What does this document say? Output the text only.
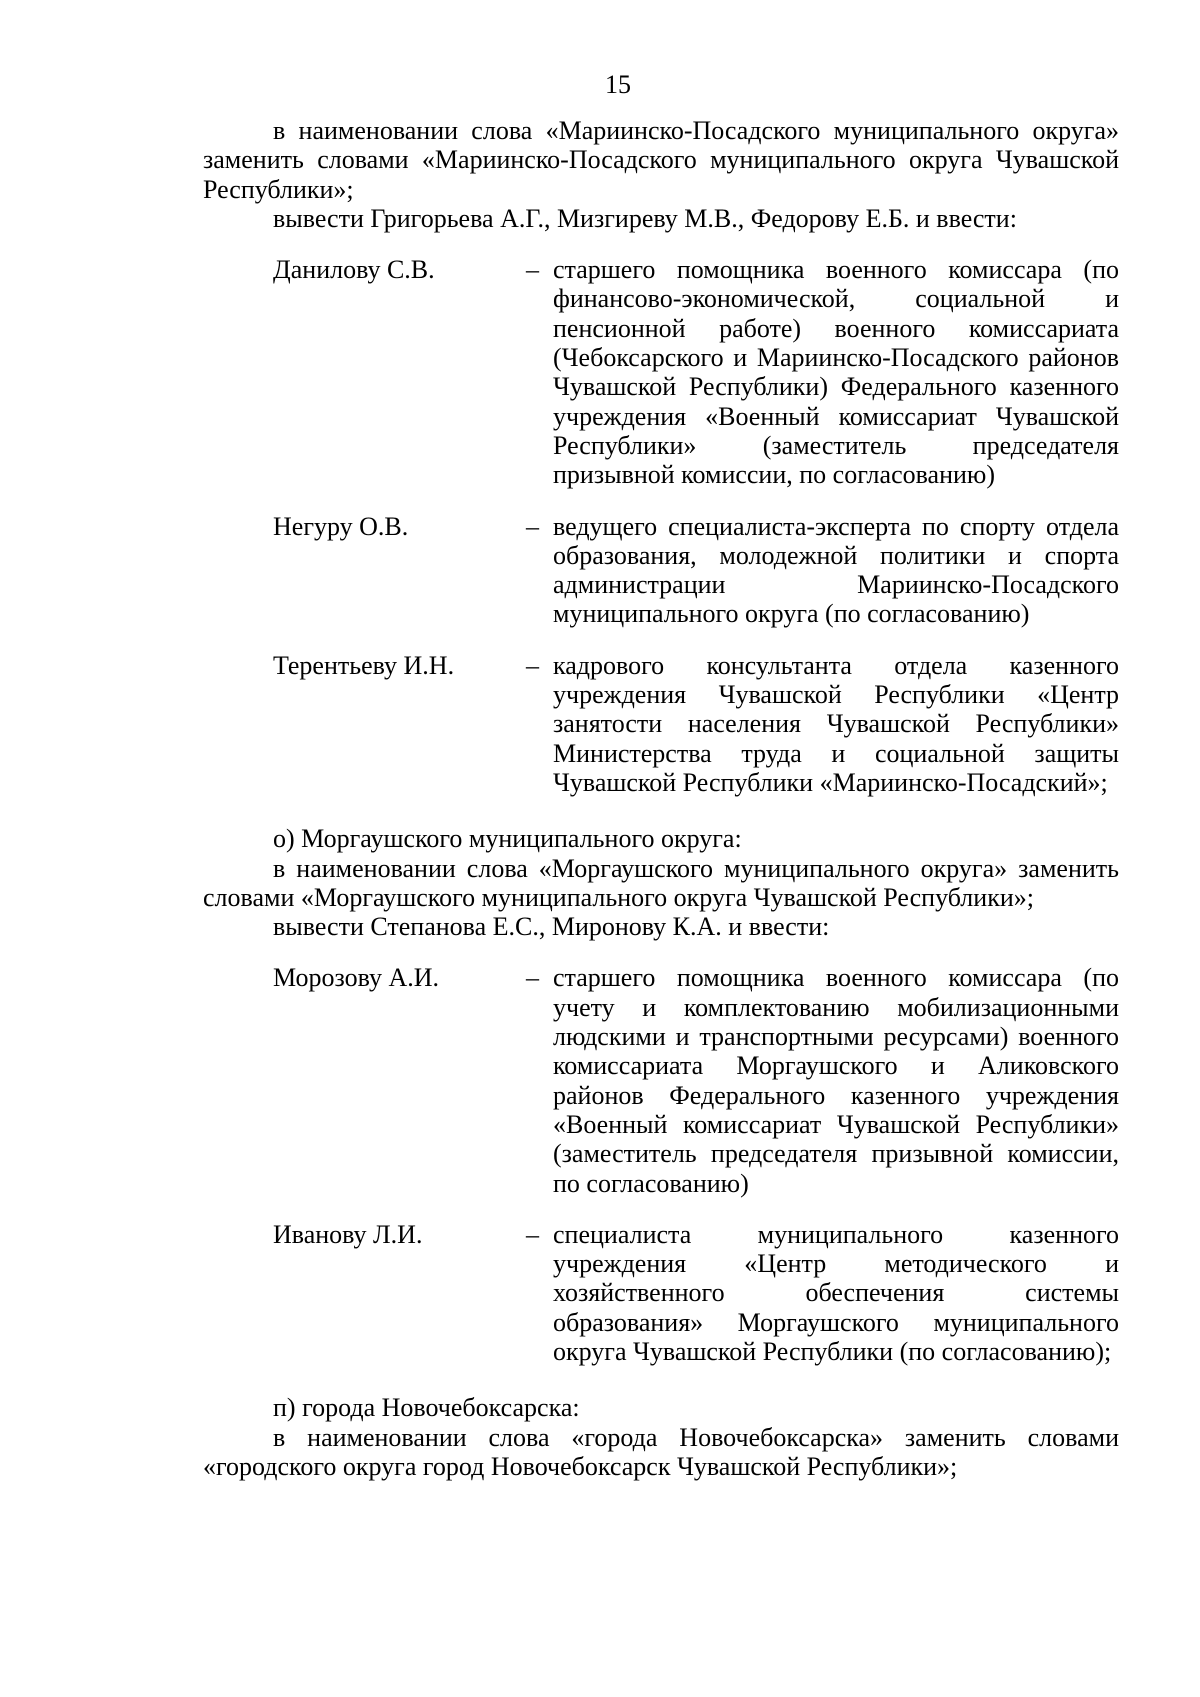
15

в наименовании слова «Мариинско-Посадского муниципального округа» заменить словами «Мариинско-Посадского муниципального округа Чувашской Республики»;

вывести Григорьева А.Г., Мизгиреву М.В., Федорову Е.Б. и ввести:

Данилову С.В.	– старшего помощника военного комиссара (по финансово-экономической, социальной и пенсионной работе) военного комиссариата (Чебоксарского и Мариинско-Посадского районов Чувашской Республики) Федерального казенного учреждения «Военный комиссариат Чувашской Республики» (заместитель председателя призывной комиссии, по согласованию)

Негуру О.В.	– ведущего специалиста-эксперта по спорту отдела образования, молодежной политики и спорта администрации Мариинско-Посадского муниципального округа (по согласованию)

Терентьеву И.Н.	– кадрового консультанта отдела казенного учреждения Чувашской Республики «Центр занятости населения Чувашской Республики» Министерства труда и социальной защиты Чувашской Республики «Мариинско-Посадский»;

о) Моргаушского муниципального округа:

в наименовании слова «Моргаушского муниципального округа» заменить словами «Моргаушского муниципального округа Чувашской Республики»;

вывести Степанова Е.С., Миронову К.А. и ввести:

Морозову А.И.	– старшего помощника военного комиссара (по учету и комплектованию мобилизационными людскими и транспортными ресурсами) военного комиссариата Моргаушского и Аликовского районов Федерального казенного учреждения «Военный комиссариат Чувашской Республики» (заместитель председателя призывной комиссии, по согласованию)

Иванову Л.И.	– специалиста муниципального казенного учреждения «Центр методического и хозяйственного обеспечения системы образования» Моргаушского муниципального округа Чувашской Республики (по согласованию);

п) города Новочебоксарска:

в наименовании слова «города Новочебоксарска» заменить словами «городского округа город Новочебоксарск Чувашской Республики»;
